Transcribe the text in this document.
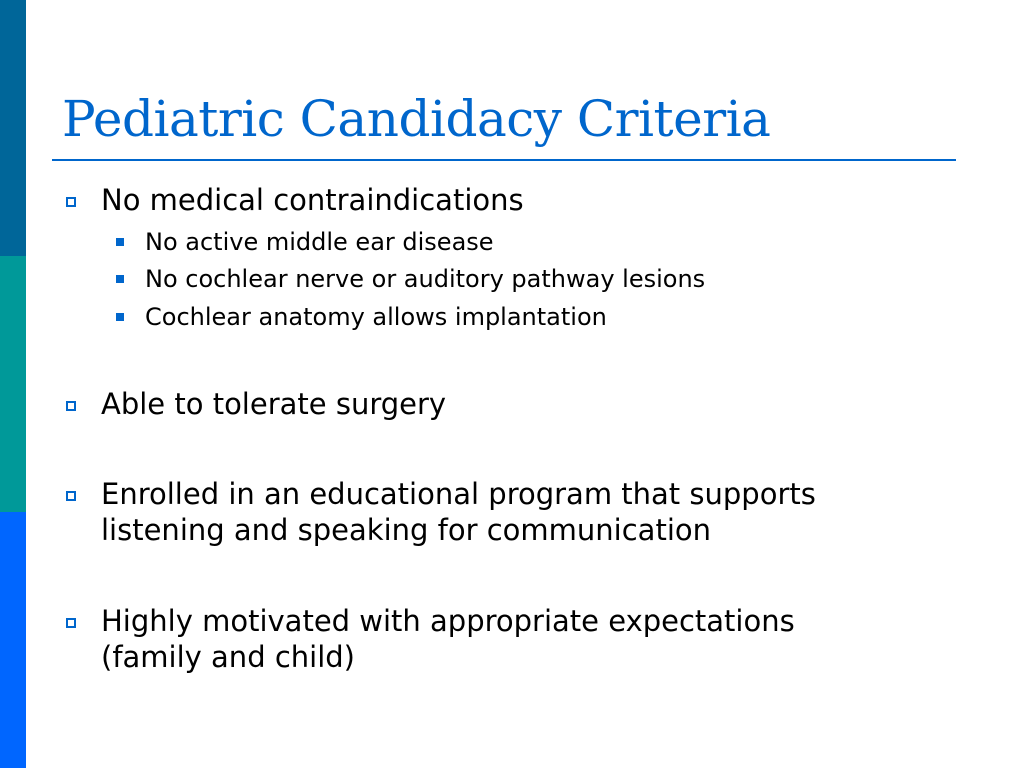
Pediatric Candidacy Criteria
No medical contraindications
No active middle ear disease
No cochlear nerve or auditory pathway lesions
Cochlear anatomy allows implantation
Able to tolerate surgery
Enrolled in an educational program that supports
listening and speaking for communication
Highly motivated with appropriate expectations
(family and child)
